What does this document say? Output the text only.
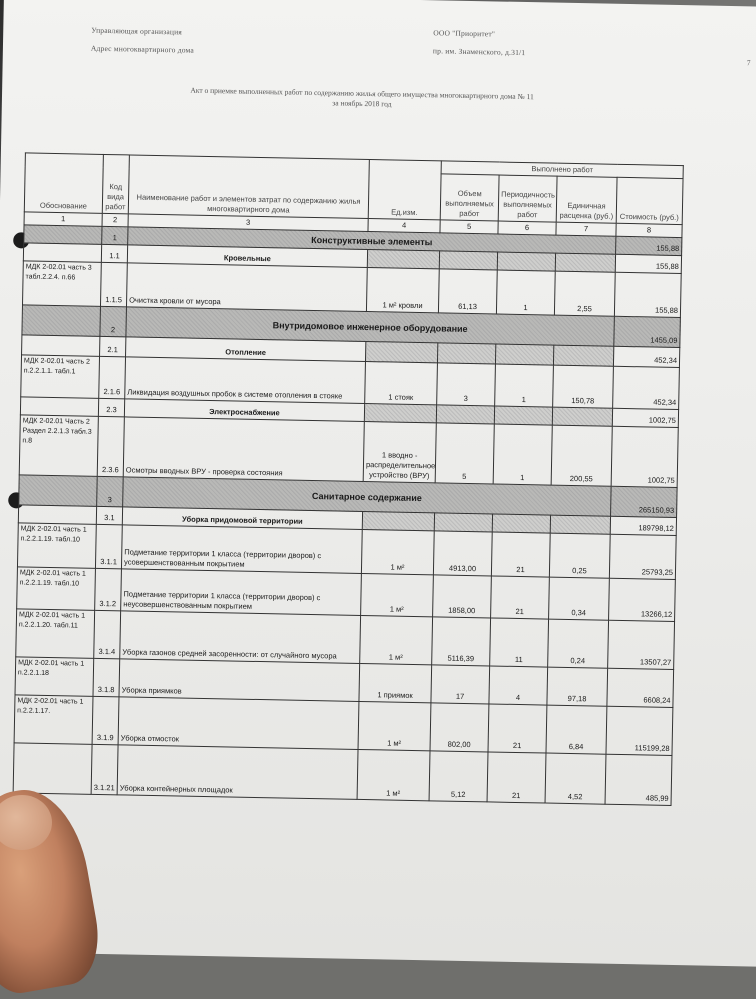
Управляющая организация
Адрес многоквартирного дома
ООО "Приоритет"
пр. им. Знаменского, д.31/1
7
Акт о приемке выполненных работ по содержанию жилья общего имущества многоквартирного дома № 11
за ноябрь 2018 год
Обоснование	Код вида работ	Наименование работ и элементов затрат по содержанию жилья многоквартирного дома	Ед.изм.	Выполнено работ			
				Объем выполняемых работ	Периодичность выполняемых работ	Единичная расценка (руб.)	Стоимость (руб.)
1	2	3	4	5	6	7	8
	1	Конструктивные элементы					155,88
	1.1	Кровельные					155,88
МДК 2-02.01 часть 3 табл.2.2.4. п.66	1.1.5	Очистка кровли от мусора	1 м² кровли	61,13	1	2,55	155,88
	2	Внутридомовое инженерное оборудование					1455,09
	2.1	Отопление					452,34
МДК 2-02.01 часть 2 п.2.2.1.1. табл.1	2.1.6	Ликвидация воздушных пробок в системе отопления в стояке	1 стояк	3	1	150,78	452,34
	2.3	Электроснабжение					1002,75
МДК 2-02.01 Часть 2 Раздел 2.2.1.3 табл.3 п.8	2.3.6	Осмотры вводных ВРУ - проверка состояния	1 вводно - распределительное устройство (ВРУ)	5	1	200,55	1002,75
	3	Санитарное содержание					265150,93
	3.1	Уборка придомовой территории					189798,12
МДК 2-02.01 часть 1 п.2.2.1.19. табл.10	3.1.1	Подметание территории 1 класса (территории дворов) с усовершенствованным покрытием	1 м²	4913,00	21	0,25	25793,25
МДК 2-02.01 часть 1 п.2.2.1.19. табл.10	3.1.2	Подметание территории 1 класса (территории дворов) с неусовершенствованным покрытием	1 м²	1858,00	21	0,34	13266,12
МДК 2-02.01 часть 1 п.2.2.1.20. табл.11	3.1.4	Уборка газонов средней засоренности: от случайного мусора	1 м²	5116,39	11	0,24	13507,27
МДК 2-02.01 часть 1 п.2.2.1.18	3.1.8	Уборка приямков	1 приямок	17	4	97,18	6608,24
МДК 2-02.01 часть 1 п.2.2.1.17.	3.1.9	Уборка отмосток	1 м²	802,00	21	6,84	115199,28
	3.1.21	Уборка контейнерных площадок	1 м²	5,12	21	4,52	485,99
